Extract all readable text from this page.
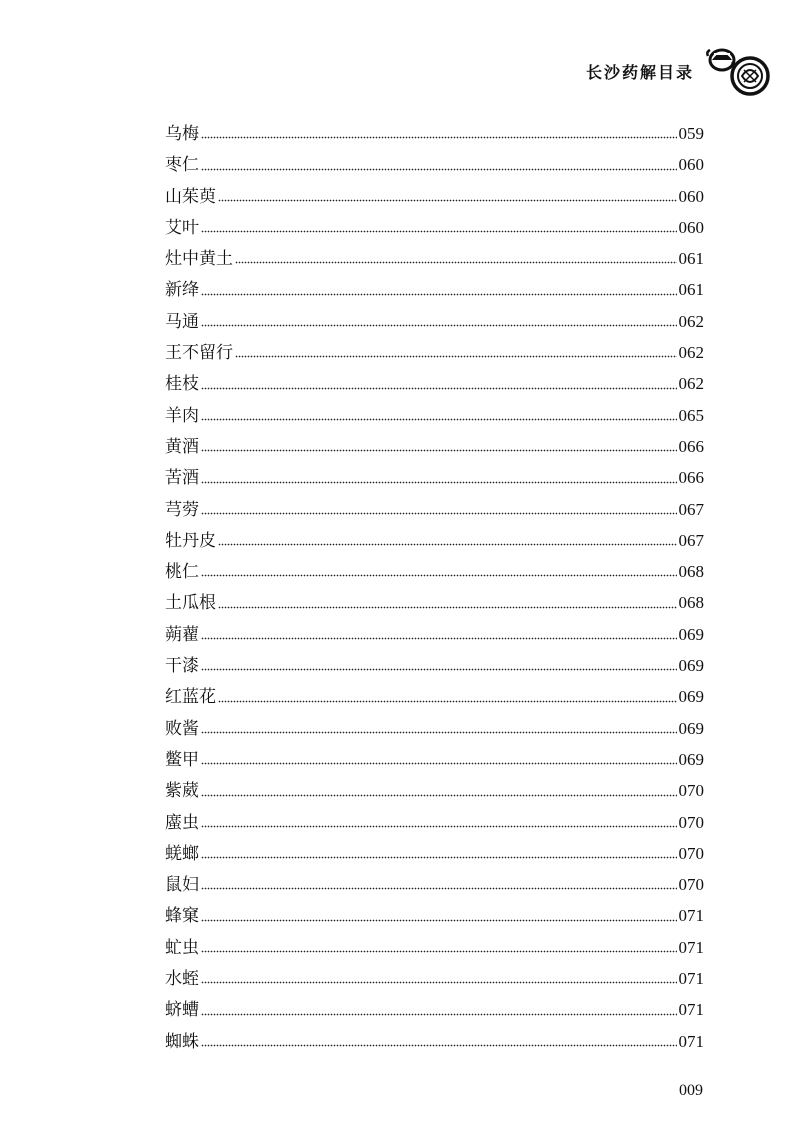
长沙药解目录
乌梅	059
枣仁	060
山茱萸	060
艾叶	060
灶中黄土	061
新绛	061
马通	062
王不留行	062
桂枝	062
羊肉	065
黄酒	066
苦酒	066
芎䓖	067
牡丹皮	067
桃仁	068
土瓜根	068
蒴藋	069
干漆	069
红蓝花	069
败酱	069
鳖甲	069
紫葳	070
䗪虫	070
蜣螂	070
鼠妇	070
蜂窠	071
虻虫	071
水蛭	071
蛴螬	071
蜘蛛	071
009
